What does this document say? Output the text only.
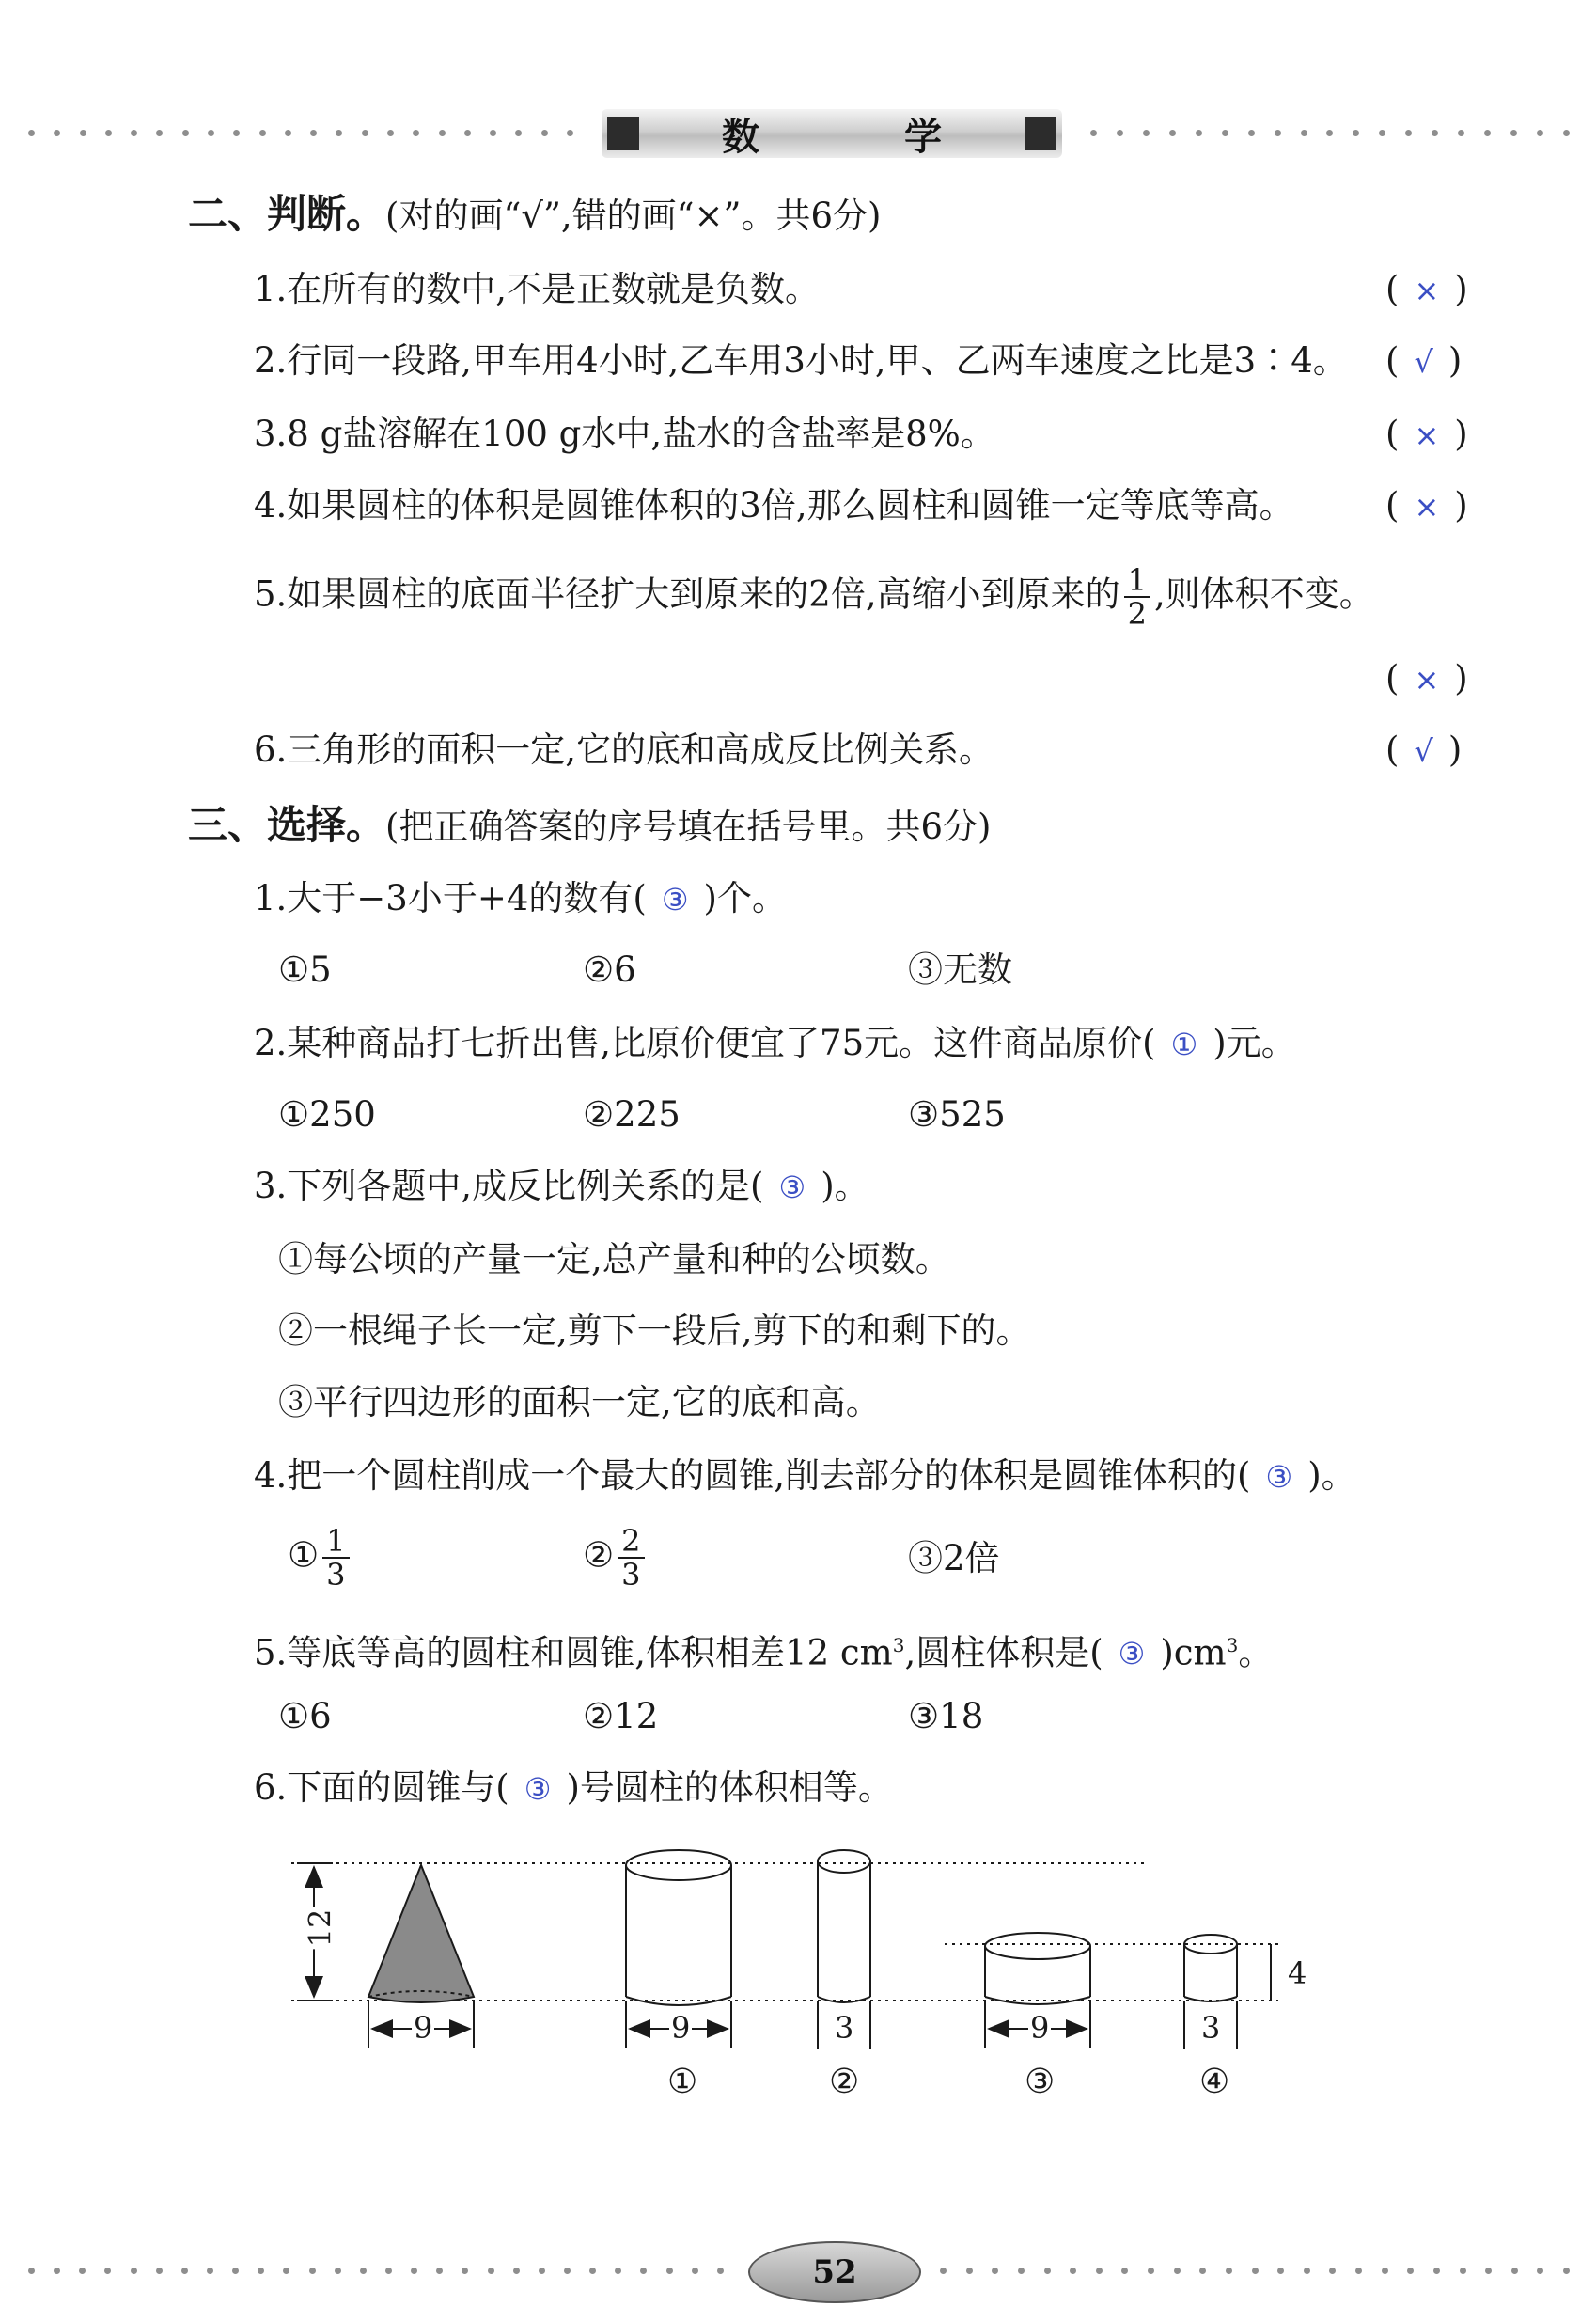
数 学
二、判断。(对的画“√”,错的画“×”。共6分)
1.在所有的数中,不是正数就是负数。	( × )
2.行同一段路,甲车用4小时,乙车用3小时,甲、乙两车速度之比是3∶4。 ( √ )
3.8 g盐溶解在100 g水中,盐水的含盐率是8%。	( × )
4.如果圆柱的体积是圆锥体积的3倍,那么圆柱和圆锥一定等底等高。	( × )
5.如果圆柱的底面半径扩大到原来的2倍,高缩小到原来的 $\frac{1}{2}$ ,则体积不变。
( × )
6.三角形的面积一定,它的底和高成反比例关系。	( √ )
三、选择。(把正确答案的序号填在括号里。共6分)
1.大于−3小于+4的数有( ③ )个。
①5	②6	③无数
2.某种商品打七折出售,比原价便宜了75元。这件商品原价( ① )元。
①250	②225	③525
3.下列各题中,成反比例关系的是( ③ )。
①每公顷的产量一定,总产量和种的公顷数。
②一根绳子长一定,剪下一段后,剪下的和剩下的。
③平行四边形的面积一定,它的底和高。
4.把一个圆柱削成一个最大的圆锥,削去部分的体积是圆锥体积的( ③ )。
① $\frac{1}{3}$	② $\frac{2}{3}$	③2倍
5.等底等高的圆柱和圆锥,体积相差12 $cm^3$,圆柱体积是( ③ )$cm^3$。
①6	②12	③18
6.下面的圆锥与( ③ )号圆柱的体积相等。
12
9	9	3	9	3
4
①	②	③	④
52
